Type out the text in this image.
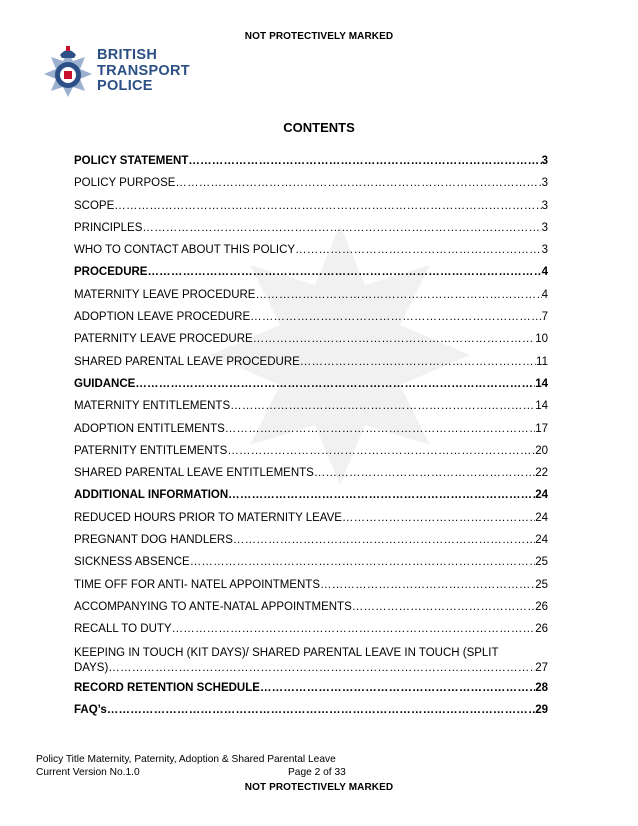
NOT PROTECTIVELY MARKED
BRITISH
TRANSPORT
POLICE
CONTENTS
POLICY STATEMENT ………………………………………………………………………………………………………………………………………………	3
POLICY PURPOSE ………………………………………………………………………………………………………………………………………………	3
SCOPE ………………………………………………………………………………………………………………………………………………	3
PRINCIPLES ………………………………………………………………………………………………………………………………………………	3
WHO TO CONTACT ABOUT THIS POLICY ………………………………………………………………………………………………………………………………………………	3
PROCEDURE ………………………………………………………………………………………………………………………………………………	4
MATERNITY LEAVE PROCEDURE ………………………………………………………………………………………………………………………………………………	4
ADOPTION LEAVE PROCEDURE ………………………………………………………………………………………………………………………………………………	7
PATERNITY LEAVE PROCEDURE ………………………………………………………………………………………………………………………………………………	10
SHARED PARENTAL LEAVE PROCEDURE ………………………………………………………………………………………………………………………………………………	11
GUIDANCE ………………………………………………………………………………………………………………………………………………	14
MATERNITY ENTITLEMENTS ………………………………………………………………………………………………………………………………………………	14
ADOPTION ENTITLEMENTS ………………………………………………………………………………………………………………………………………………	17
PATERNITY ENTITLEMENTS ………………………………………………………………………………………………………………………………………………	20
SHARED PARENTAL LEAVE ENTITLEMENTS ………………………………………………………………………………………………………………………………………………	22
ADDITIONAL INFORMATION ………………………………………………………………………………………………………………………………………………	24
REDUCED HOURS PRIOR TO MATERNITY LEAVE ………………………………………………………………………………………………………………………………………………	24
PREGNANT DOG HANDLERS ………………………………………………………………………………………………………………………………………………	24
SICKNESS ABSENCE ………………………………………………………………………………………………………………………………………………	25
TIME OFF FOR ANTI- NATEL APPOINTMENTS ………………………………………………………………………………………………………………………………………………	25
ACCOMPANYING TO ANTE-NATAL APPOINTMENTS ………………………………………………………………………………………………………………………………………………	26
RECALL TO DUTY ………………………………………………………………………………………………………………………………………………	26
KEEPING IN TOUCH (KIT DAYS)/ SHARED PARENTAL LEAVE IN TOUCH (SPLIT
DAYS) ………………………………………………………………………………………………………………………………………………	27
RECORD RETENTION SCHEDULE ………………………………………………………………………………………………………………………………………………	28
FAQ’s ………………………………………………………………………………………………………………………………………………	29
Policy Title Maternity, Paternity, Adoption & Shared Parental Leave
Current Version No.1.0	Page 2 of 33
NOT PROTECTIVELY MARKED
